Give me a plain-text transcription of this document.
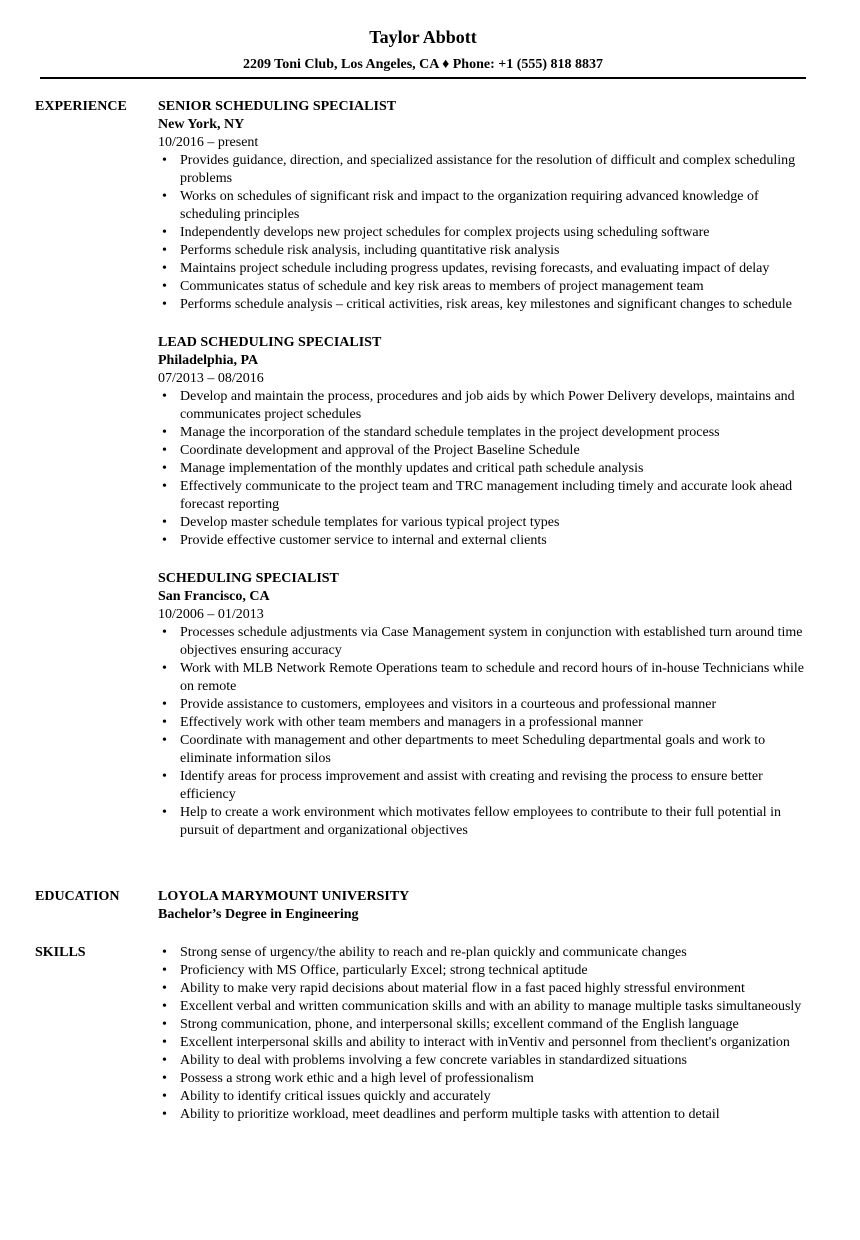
Taylor Abbott
2209 Toni Club, Los Angeles, CA ♦ Phone: +1 (555) 818 8837
EXPERIENCE SENIOR SCHEDULING SPECIALIST
New York, NY
10/2016 – present
• Provides guidance, direction, and specialized assistance for the resolution of difficult and complex scheduling problems
• Works on schedules of significant risk and impact to the organization requiring advanced knowledge of scheduling principles
• Independently develops new project schedules for complex projects using scheduling software
• Performs schedule risk analysis, including quantitative risk analysis
• Maintains project schedule including progress updates, revising forecasts, and evaluating impact of delay
• Communicates status of schedule and key risk areas to members of project management team
• Performs schedule analysis – critical activities, risk areas, key milestones and significant changes to schedule
LEAD SCHEDULING SPECIALIST
Philadelphia, PA
07/2013 – 08/2016
• Develop and maintain the process, procedures and job aids by which Power Delivery develops, maintains and communicates project schedules
• Manage the incorporation of the standard schedule templates in the project development process
• Coordinate development and approval of the Project Baseline Schedule
• Manage implementation of the monthly updates and critical path schedule analysis
• Effectively communicate to the project team and TRC management including timely and accurate look ahead forecast reporting
• Develop master schedule templates for various typical project types
• Provide effective customer service to internal and external clients
SCHEDULING SPECIALIST
San Francisco, CA
10/2006 – 01/2013
• Processes schedule adjustments via Case Management system in conjunction with established turn around time objectives ensuring accuracy
• Work with MLB Network Remote Operations team to schedule and record hours of in-house Technicians while on remote
• Provide assistance to customers, employees and visitors in a courteous and professional manner
• Effectively work with other team members and managers in a professional manner
• Coordinate with management and other departments to meet Scheduling departmental goals and work to eliminate information silos
• Identify areas for process improvement and assist with creating and revising the process to ensure better efficiency
• Help to create a work environment which motivates fellow employees to contribute to their full potential in pursuit of department and organizational objectives
EDUCATION	LOYOLA MARYMOUNT UNIVERSITY
Bachelor’s Degree in Engineering
SKILLS
•	Strong sense of urgency/the ability to reach and re-plan quickly and communicate changes
• Proficiency with MS Office, particularly Excel; strong technical aptitude
• Ability to make very rapid decisions about material flow in a fast paced highly stressful environment
• Excellent verbal and written communication skills and with an ability to manage multiple tasks simultaneously
• Strong communication, phone, and interpersonal skills; excellent command of the English language
• Excellent interpersonal skills and ability to interact with inVentiv and personnel from theclient's organization
• Ability to deal with problems involving a few concrete variables in standardized situations
• Possess a strong work ethic and a high level of professionalism
• Ability to identify critical issues quickly and accurately
• Ability to prioritize workload, meet deadlines and perform multiple tasks with attention to detail
